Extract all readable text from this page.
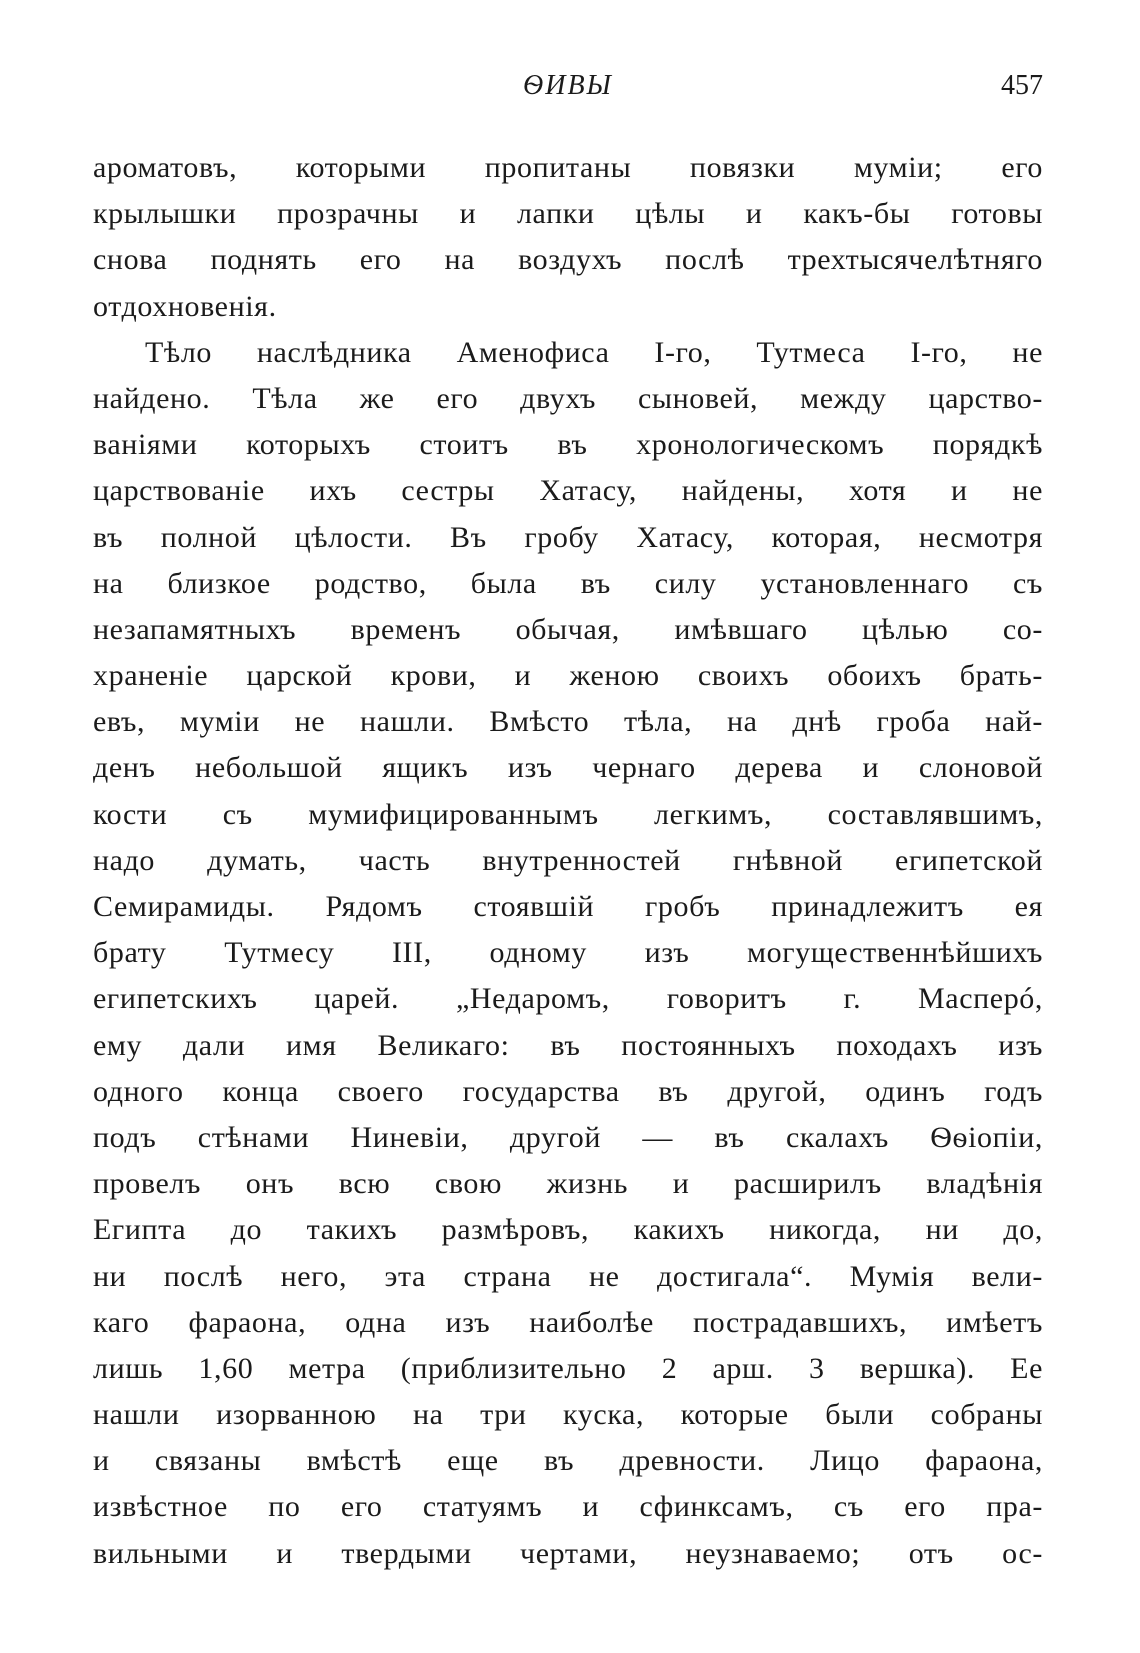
ѲИВЫ	457
ароматовъ, которыми пропитаны повязки муміи; его
крылышки прозрачны и лапки цѣлы и какъ-бы готовы
снова поднять его на воздухъ послѣ трехтысячелѣтняго
отдохновенія.
Тѣло наслѣдника Аменофиса I-го, Тутмеса I-го, не
найдено. Тѣла же его двухъ сыновей, между царство-
ваніями которыхъ стоитъ въ хронологическомъ порядкѣ
царствованіе ихъ сестры Хатасу, найдены, хотя и не
въ полной цѣлости. Въ гробу Хатасу, которая, несмотря
на близкое родство, была въ силу установленнаго съ
незапамятныхъ временъ обычая, имѣвшаго цѣлью со-
храненіе царской крови, и женою своихъ обоихъ брать-
евъ, муміи не нашли. Вмѣсто тѣла, на днѣ гроба най-
денъ небольшой ящикъ изъ чернаго дерева и слоновой
кости съ мумифицированнымъ легкимъ, составлявшимъ,
надо думать, часть внутренностей гнѣвной египетской
Семирамиды. Рядомъ стоявшій гробъ принадлежитъ ея
брату Тутмесу III, одному изъ могущественнѣйшихъ
египетскихъ царей. „Недаромъ, говоритъ г. Масперó,
ему дали имя Великаго: въ постоянныхъ походахъ изъ
одного конца своего государства въ другой, одинъ годъ
подъ стѣнами Ниневіи, другой — въ скалахъ Ѳѳіопіи,
провелъ онъ всю свою жизнь и расширилъ владѣнія
Египта до такихъ размѣровъ, какихъ никогда, ни до,
ни послѣ него, эта страна не достигала“. Мумія вели-
каго фараона, одна изъ наиболѣе пострадавшихъ, имѣетъ
лишь 1,60 метра (приблизительно 2 арш. 3 вершка). Ее
нашли изорванною на три куска, которые были собраны
и связаны вмѣстѣ еще въ древности. Лицо фараона,
извѣстное по его статуямъ и сфинксамъ, съ его пра-
вильными и твердыми чертами, неузнаваемо; отъ ос-
